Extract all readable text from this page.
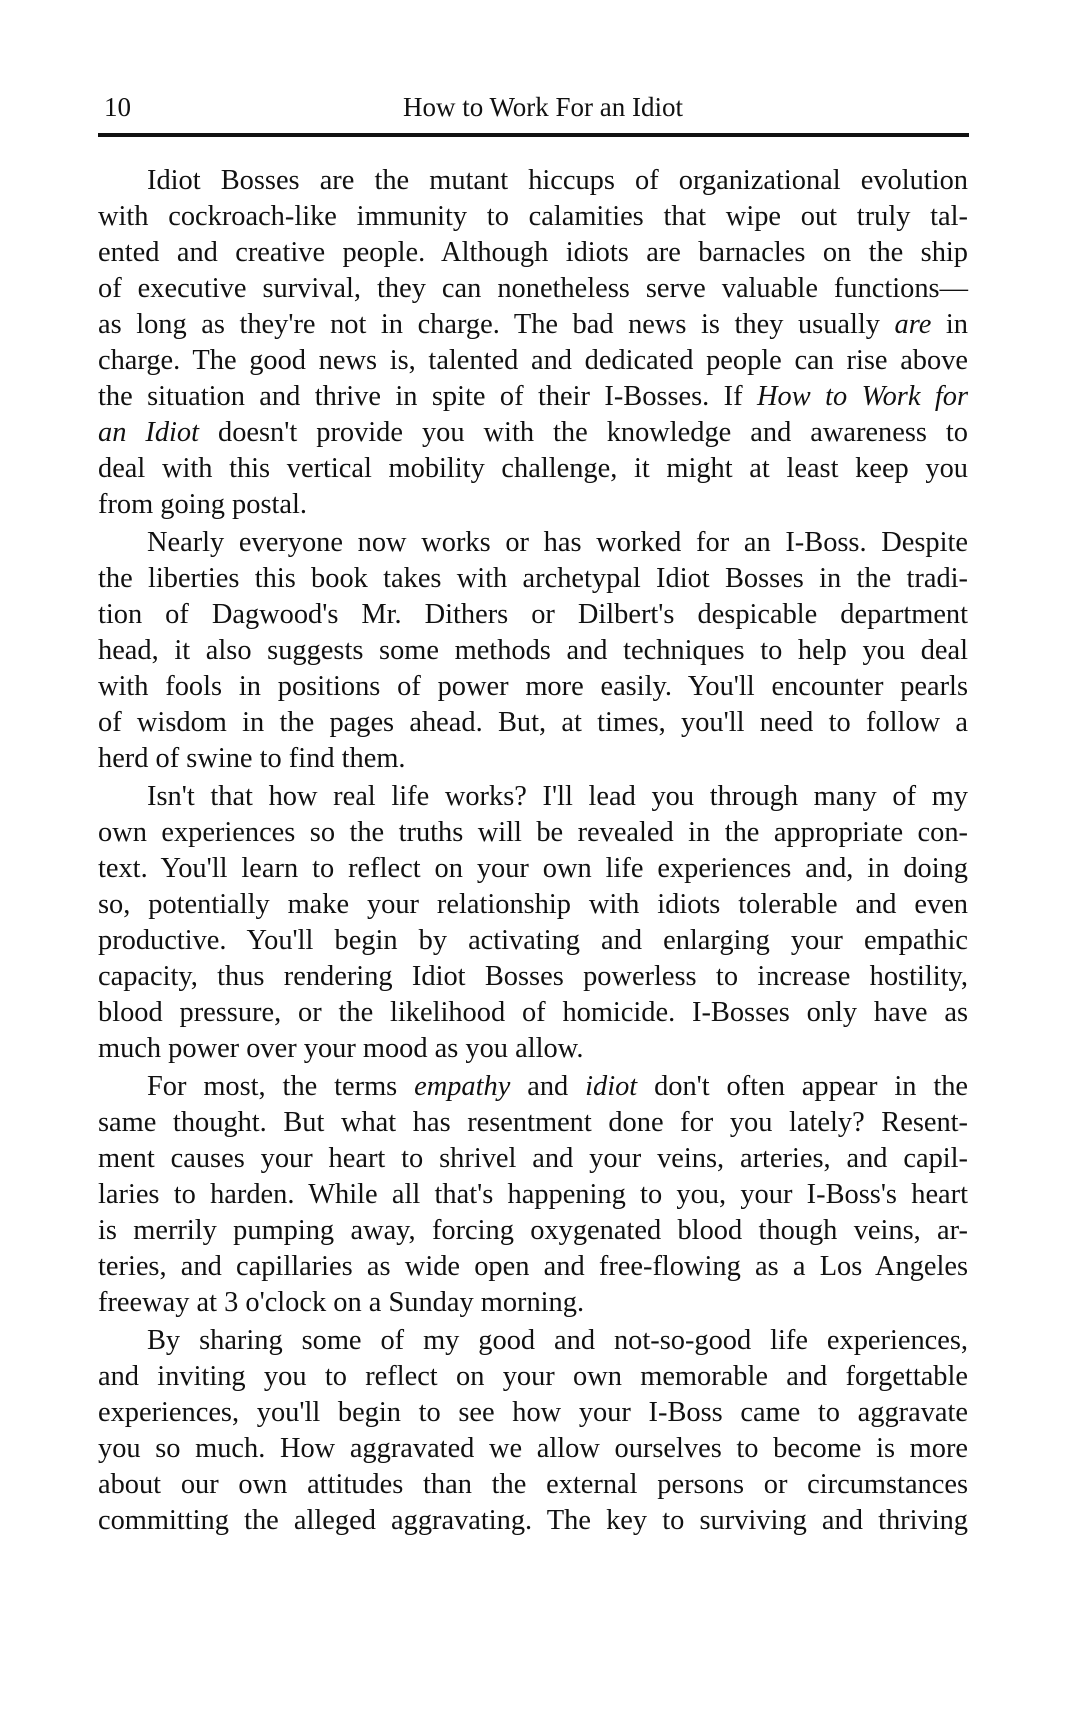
10	How to Work For an Idiot
Idiot Bosses are the mutant hiccups of organizational evolution
with cockroach-like immunity to calamities that wipe out truly tal-
ented and creative people. Although idiots are barnacles on the ship
of executive survival, they can nonetheless serve valuable functions—
as long as they're not in charge. The bad news is they usually are in
charge. The good news is, talented and dedicated people can rise above
the situation and thrive in spite of their I-Bosses. If How to Work for
an Idiot doesn't provide you with the knowledge and awareness to
deal with this vertical mobility challenge, it might at least keep you
from going postal.
Nearly everyone now works or has worked for an I-Boss. Despite
the liberties this book takes with archetypal Idiot Bosses in the tradi-
tion of Dagwood's Mr. Dithers or Dilbert's despicable department
head, it also suggests some methods and techniques to help you deal
with fools in positions of power more easily. You'll encounter pearls
of wisdom in the pages ahead. But, at times, you'll need to follow a
herd of swine to find them.
Isn't that how real life works? I'll lead you through many of my
own experiences so the truths will be revealed in the appropriate con-
text. You'll learn to reflect on your own life experiences and, in doing
so, potentially make your relationship with idiots tolerable and even
productive. You'll begin by activating and enlarging your empathic
capacity, thus rendering Idiot Bosses powerless to increase hostility,
blood pressure, or the likelihood of homicide. I-Bosses only have as
much power over your mood as you allow.
For most, the terms empathy and idiot don't often appear in the
same thought. But what has resentment done for you lately? Resent-
ment causes your heart to shrivel and your veins, arteries, and capil-
laries to harden. While all that's happening to you, your I-Boss's heart
is merrily pumping away, forcing oxygenated blood though veins, ar-
teries, and capillaries as wide open and free-flowing as a Los Angeles
freeway at 3 o'clock on a Sunday morning.
By sharing some of my good and not-so-good life experiences,
and inviting you to reflect on your own memorable and forgettable
experiences, you'll begin to see how your I-Boss came to aggravate
you so much. How aggravated we allow ourselves to become is more
about our own attitudes than the external persons or circumstances
committing the alleged aggravating. The key to surviving and thriving
